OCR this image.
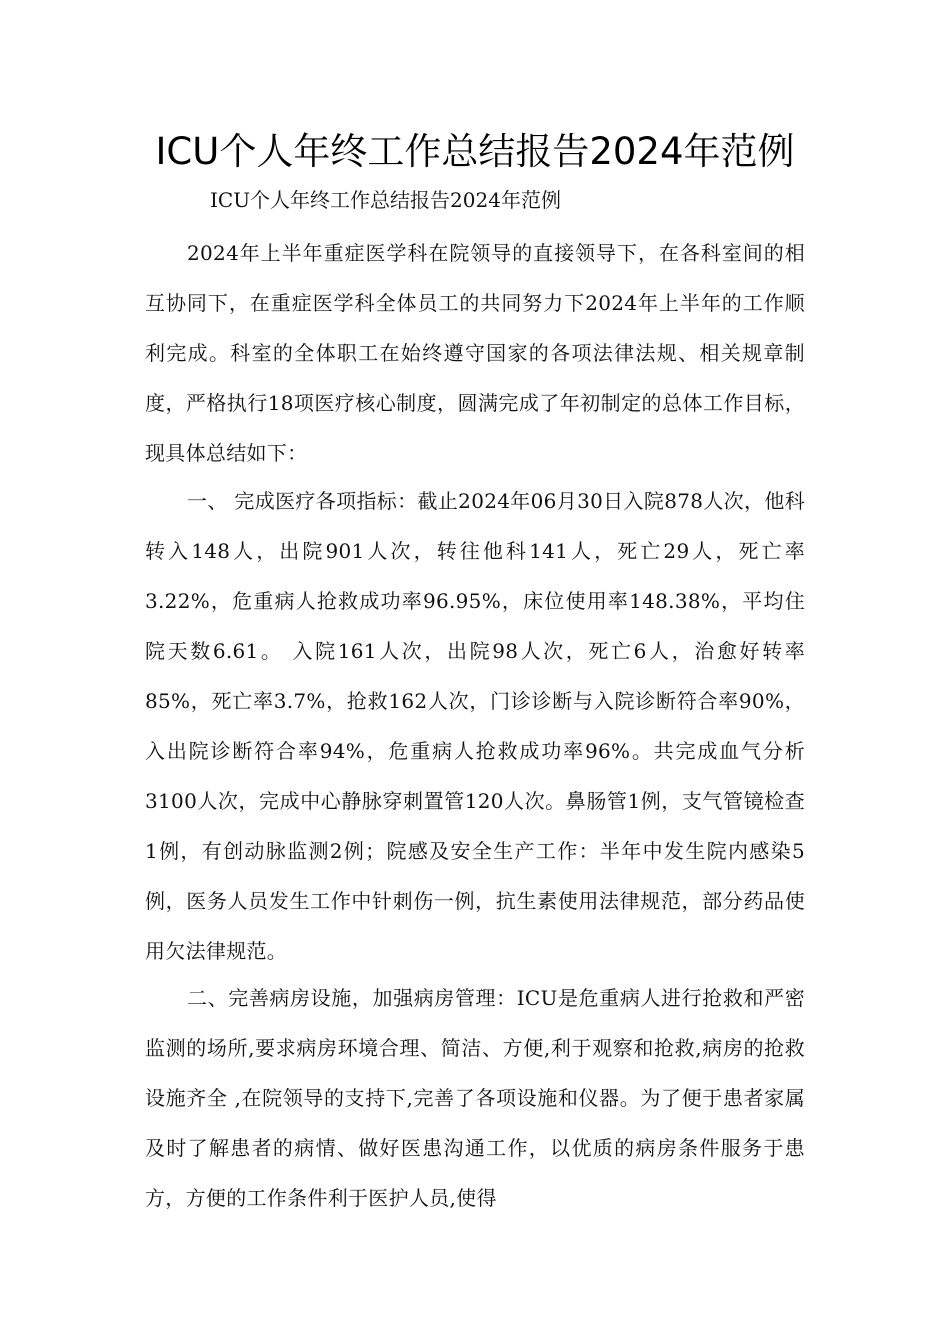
ICU个人年终工作总结报告2024年范例
ICU个人年终工作总结报告2024年范例

2024年上半年重症医学科在院领导的直接领导下，在各科室间的相互协同下，在重症医学科全体员工的共同努力下2024年上半年的工作顺利完成。科室的全体职工在始终遵守国家的各项法律法规、相关规章制度，严格执行18项医疗核心制度，圆满完成了年初制定的总体工作目标，现具体总结如下：

一、 完成医疗各项指标：截止2024年06月30日入院878人次，他科转入148人，出院901人次，转往他科141人，死亡29人，死亡率3.22%，危重病人抢救成功率96.95%，床位使用率148.38%，平均住院天数6.61。 入院161人次，出院98人次，死亡6人，治愈好转率85%，死亡率3.7%，抢救162人次，门诊诊断与入院诊断符合率90%，入出院诊断符合率94%，危重病人抢救成功率96%。共完成血气分析3100人次，完成中心静脉穿刺置管120人次。鼻肠管1例，支气管镜检查1例，有创动脉监测2例；院感及安全生产工作：半年中发生院内感染5例，医务人员发生工作中针刺伤一例，抗生素使用法律规范，部分药品使用欠法律规范。

二、完善病房设施，加强病房管理：ICU是危重病人进行抢救和严密监测的场所,要求病房环境合理、简洁、方便,利于观察和抢救,病房的抢救设施齐全 ,在院领导的支持下,完善了各项设施和仪器。为了便于患者家属及时了解患者的病情、做好医患沟通工作，以优质的病房条件服务于患方，方便的工作条件利于医护人员,使得
